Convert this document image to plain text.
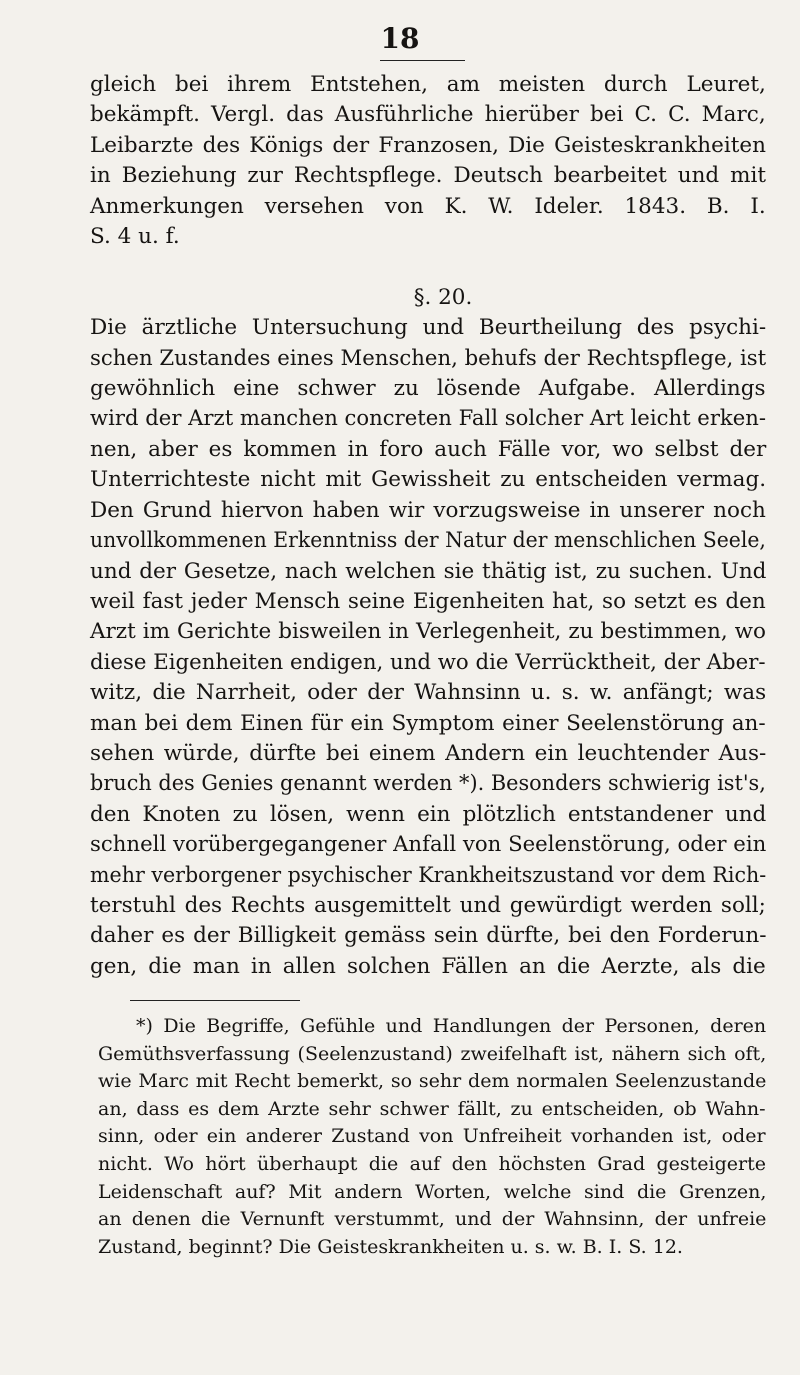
18
gleich bei ihrem Entstehen, am meisten durch Leuret,
bekämpft. Vergl. das Ausführliche hierüber bei C. C. Marc,
Leibarzte des Königs der Franzosen, Die Geisteskrankheiten
in Beziehung zur Rechtspflege. Deutsch bearbeitet und mit
Anmerkungen versehen von K. W. Ideler. 1843. B. I.
S. 4 u. f.

§. 20.
Die ärztliche Untersuchung und Beurtheilung des psychi-
schen Zustandes eines Menschen, behufs der Rechtspflege, ist
gewöhnlich eine schwer zu lösende Aufgabe. Allerdings
wird der Arzt manchen concreten Fall solcher Art leicht erken-
nen, aber es kommen in foro auch Fälle vor, wo selbst der
Unterrichteste nicht mit Gewissheit zu entscheiden vermag.
Den Grund hiervon haben wir vorzugsweise in unserer noch
unvollkommenen Erkenntniss der Natur der menschlichen Seele,
und der Gesetze, nach welchen sie thätig ist, zu suchen. Und
weil fast jeder Mensch seine Eigenheiten hat, so setzt es den
Arzt im Gerichte bisweilen in Verlegenheit, zu bestimmen, wo
diese Eigenheiten endigen, und wo die Verrücktheit, der Aber-
witz, die Narrheit, oder der Wahnsinn u. s. w. anfängt; was
man bei dem Einen für ein Symptom einer Seelenstörung an-
sehen würde, dürfte bei einem Andern ein leuchtender Aus-
bruch des Genies genannt werden *). Besonders schwierig ist's,
den Knoten zu lösen, wenn ein plötzlich entstandener und
schnell vorübergegangener Anfall von Seelenstörung, oder ein
mehr verborgener psychischer Krankheitszustand vor dem Rich-
terstuhl des Rechts ausgemittelt und gewürdigt werden soll;
daher es der Billigkeit gemäss sein dürfte, bei den Forderun-
gen, die man in allen solchen Fällen an die Aerzte, als die
*) Die Begriffe, Gefühle und Handlungen der Personen, deren
Gemüthsverfassung (Seelenzustand) zweifelhaft ist, nähern sich oft,
wie Marc mit Recht bemerkt, so sehr dem normalen Seelenzustande
an, dass es dem Arzte sehr schwer fällt, zu entscheiden, ob Wahn-
sinn, oder ein anderer Zustand von Unfreiheit vorhanden ist, oder
nicht. Wo hört überhaupt die auf den höchsten Grad gesteigerte
Leidenschaft auf? Mit andern Worten, welche sind die Grenzen,
an denen die Vernunft verstummt, und der Wahnsinn, der unfreie
Zustand, beginnt? Die Geisteskrankheiten u. s. w. B. I. S. 12.
